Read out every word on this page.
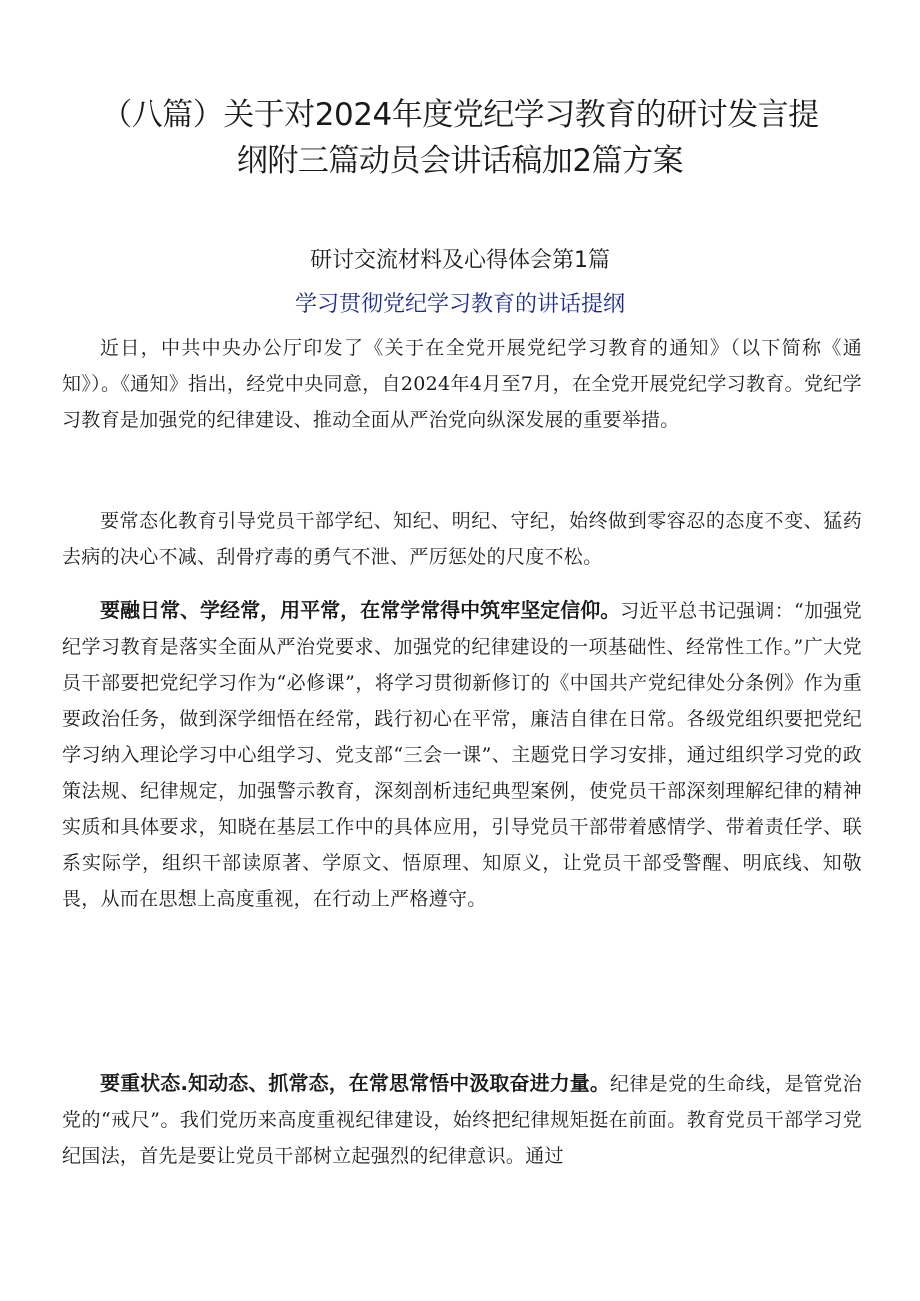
（八篇）关于对2024年度党纪学习教育的研讨发言提
纲附三篇动员会讲话稿加2篇方案
研讨交流材料及心得体会第1篇
学习贯彻党纪学习教育的讲话提纲

近日，中共中央办公厅印发了《关于在全党开展党纪学习教育的通知》（以下简称《通知》）。《通知》指出，经党中央同意，自2024年4月至7月，在全党开展党纪学习教育。党纪学习教育是加强党的纪律建设、推动全面从严治党向纵深发展的重要举措。

要常态化教育引导党员干部学纪、知纪、明纪、守纪，始终做到零容忍的态度不变、猛药去病的决心不减、刮骨疗毒的勇气不泄、严厉惩处的尺度不松。

要融日常、学经常，用平常，在常学常得中筑牢坚定信仰。习近平总书记强调：“加强党纪学习教育是落实全面从严治党要求、加强党的纪律建设的一项基础性、经常性工作。”广大党员干部要把党纪学习作为“必修课”，将学习贯彻新修订的《中国共产党纪律处分条例》作为重要政治任务，做到深学细悟在经常，践行初心在平常，廉洁自律在日常。各级党组织要把党纪学习纳入理论学习中心组学习、党支部“三会一课”、主题党日学习安排，通过组织学习党的政策法规、纪律规定，加强警示教育，深刻剖析违纪典型案例，使党员干部深刻理解纪律的精神实质和具体要求，知晓在基层工作中的具体应用，引导党员干部带着感情学、带着责任学、联系实际学，组织干部读原著、学原文、悟原理、知原义，让党员干部受警醒、明底线、知敬畏，从而在思想上高度重视，在行动上严格遵守。

要重状态.知动态、抓常态，在常思常悟中汲取奋进力量。纪律是党的生命线，是管党治党的“戒尺”。我们党历来高度重视纪律建设，始终把纪律规矩挺在前面。教育党员干部学习党纪国法，首先是要让党员干部树立起强烈的纪律意识。通过
